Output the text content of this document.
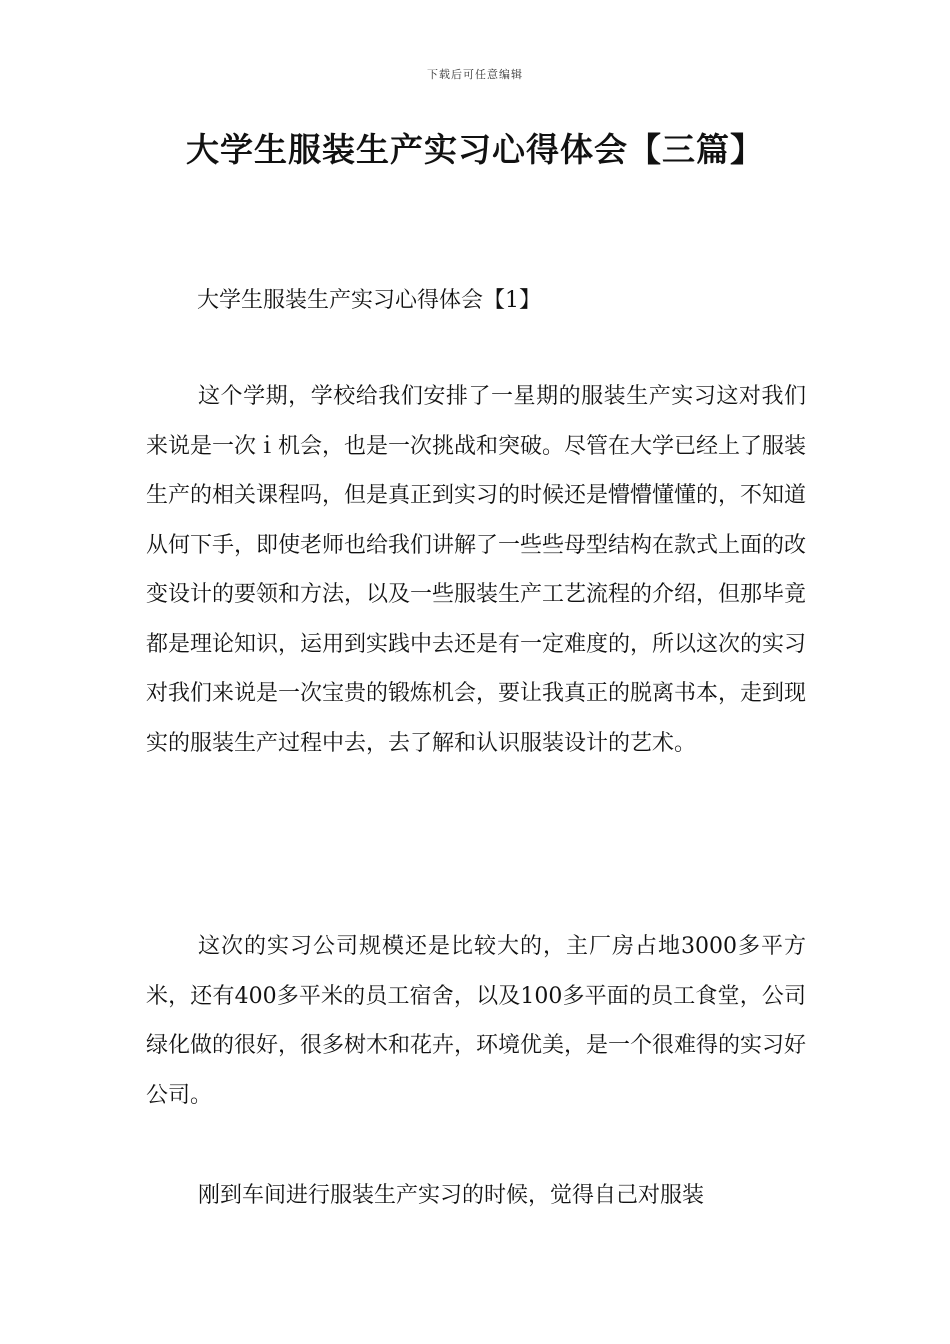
下载后可任意编辑
大学生服装生产实习心得体会【三篇】
大学生服装生产实习心得体会【1】

这个学期，学校给我们安排了一星期的服装生产实习这对我们来说是一次ｉ机会，也是一次挑战和突破。尽管在大学已经上了服装生产的相关课程吗，但是真正到实习的时候还是懵懵懂懂的，不知道从何下手，即使老师也给我们讲解了一些些母型结构在款式上面的改变设计的要领和方法，以及一些服装生产工艺流程的介绍，但那毕竟都是理论知识，运用到实践中去还是有一定难度的，所以这次的实习对我们来说是一次宝贵的锻炼机会，要让我真正的脱离书本，走到现实的服装生产过程中去，去了解和认识服装设计的艺术。

这次的实习公司规模还是比较大的，主厂房占地3000多平方米，还有400多平米的员工宿舍，以及100多平面的员工食堂，公司绿化做的很好，很多树木和花卉，环境优美，是一个很难得的实习好公司。

刚到车间进行服装生产实习的时候，觉得自己对服装
